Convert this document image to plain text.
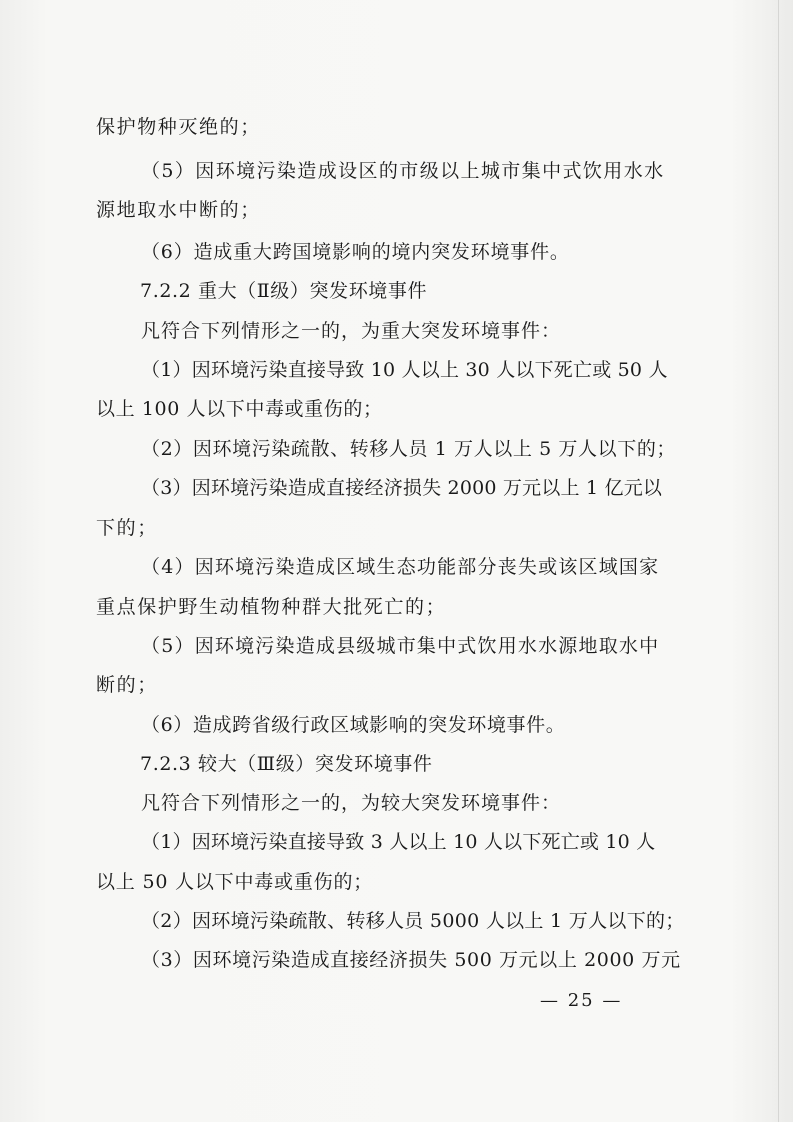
保护物种灭绝的；
（5）因环境污染造成设区的市级以上城市集中式饮用水水
源地取水中断的；
（6）造成重大跨国境影响的境内突发环境事件。
7.2.2 重大（Ⅱ级）突发环境事件
凡符合下列情形之一的，为重大突发环境事件：
（1）因环境污染直接导致 10 人以上 30 人以下死亡或 50 人
以上 100 人以下中毒或重伤的；
（2）因环境污染疏散、转移人员 1 万人以上 5 万人以下的；
（3）因环境污染造成直接经济损失 2000 万元以上 1 亿元以
下的；
（4）因环境污染造成区域生态功能部分丧失或该区域国家
重点保护野生动植物种群大批死亡的；
（5）因环境污染造成县级城市集中式饮用水水源地取水中
断的；
（6）造成跨省级行政区域影响的突发环境事件。
7.2.3 较大（Ⅲ级）突发环境事件
凡符合下列情形之一的，为较大突发环境事件：
（1）因环境污染直接导致 3 人以上 10 人以下死亡或 10 人
以上 50 人以下中毒或重伤的；
（2）因环境污染疏散、转移人员 5000 人以上 1 万人以下的；
（3）因环境污染造成直接经济损失 500 万元以上 2000 万元
— 25 —
